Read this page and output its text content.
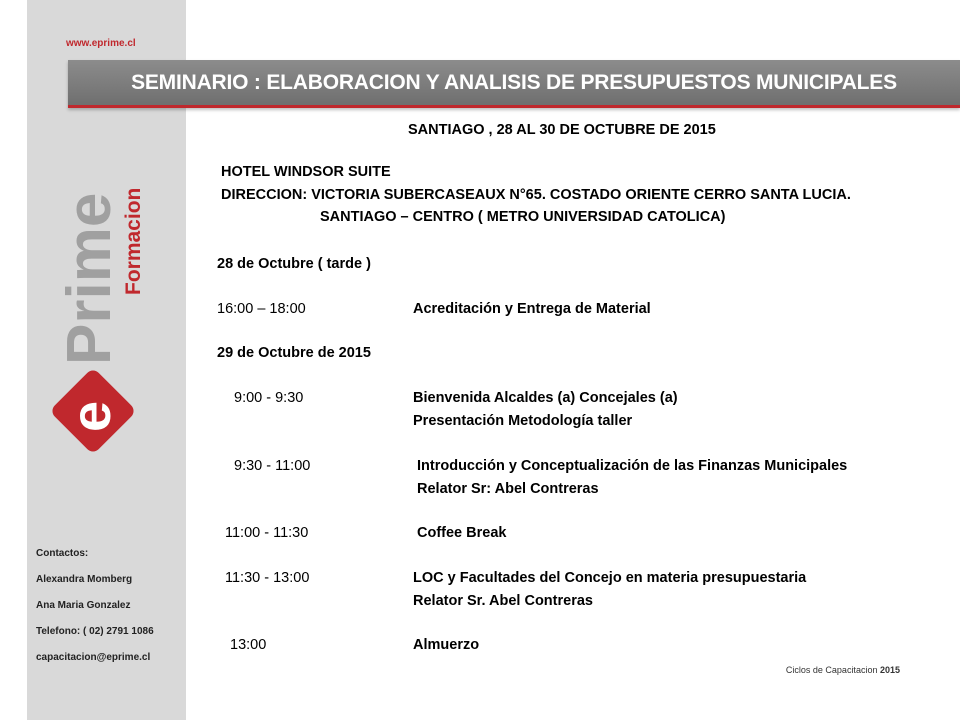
www.eprime.cl
SEMINARIO : ELABORACION Y ANALISIS DE PRESUPUESTOS MUNICIPALES
Prime
Formacion
e
SANTIAGO , 28 AL 30 DE OCTUBRE DE 2015
HOTEL WINDSOR SUITE
DIRECCION: VICTORIA SUBERCASEAUX N°65. COSTADO ORIENTE CERRO SANTA LUCIA.
SANTIAGO – CENTRO ( METRO UNIVERSIDAD CATOLICA)
28 de Octubre ( tarde )
16:00 – 18:00	Acreditación y Entrega de Material
29 de Octubre de 2015
9:00 - 9:30	Bienvenida Alcaldes (a) Concejales (a)
Presentación Metodología taller
9:30 - 11:00	Introducción y Conceptualización de las Finanzas Municipales
Relator Sr: Abel Contreras
11:00 - 11:30	Coffee Break
11:30 - 13:00	LOC y Facultades del Concejo en materia presupuestaria
Relator Sr. Abel Contreras
13:00	Almuerzo
Contactos:
Alexandra Momberg
Ana Maria Gonzalez
Telefono: ( 02) 2791 1086
capacitacion@eprime.cl
Ciclos de Capacitacion 2015
